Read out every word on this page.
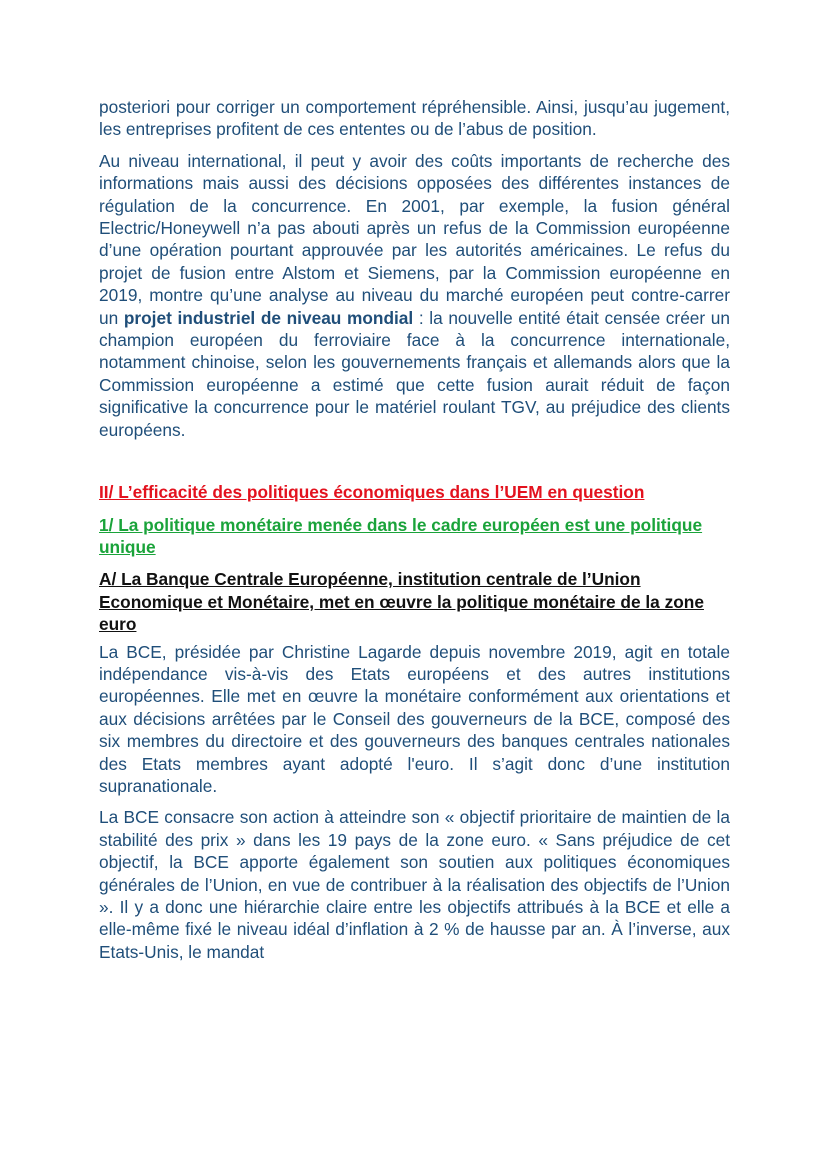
posteriori pour corriger un comportement répréhensible. Ainsi, jusqu’au jugement, les entreprises profitent de ces ententes ou de l’abus de position.

Au niveau international, il peut y avoir des coûts importants de recherche des informations mais aussi des décisions opposées des différentes instances de régulation de la concurrence. En 2001, par exemple, la fusion général Electric/Honeywell n’a pas abouti après un refus de la Commission européenne d’une opération pourtant approuvée par les autorités américaines. Le refus du projet de fusion entre Alstom et Siemens, par la Commission européenne en 2019, montre qu’une analyse au niveau du marché européen peut contre-carrer un projet industriel de niveau mondial : la nouvelle entité était censée créer un champion européen du ferroviaire face à la concurrence internationale, notamment chinoise, selon les gouvernements français et allemands alors que la Commission européenne a estimé que cette fusion aurait réduit de façon significative la concurrence pour le matériel roulant TGV, au préjudice des clients européens.

II/ L’efficacité des politiques économiques dans l’UEM en question
1/ La politique monétaire menée dans le cadre européen est une politique unique
A/ La Banque Centrale Européenne, institution centrale de l’Union Economique et Monétaire, met en œuvre la politique monétaire de la zone euro

La BCE, présidée par Christine Lagarde depuis novembre 2019, agit en totale indépendance vis-à-vis des Etats européens et des autres institutions européennes. Elle met en œuvre la monétaire conformément aux orientations et aux décisions arrêtées par le Conseil des gouverneurs de la BCE, composé des six membres du directoire et des gouverneurs des banques centrales nationales des Etats membres ayant adopté l'euro. Il s’agit donc d’une institution supranationale.

La BCE consacre son action à atteindre son « objectif prioritaire de maintien de la stabilité des prix » dans les 19 pays de la zone euro. « Sans préjudice de cet objectif, la BCE apporte également son soutien aux politiques économiques générales de l’Union, en vue de contribuer à la réalisation des objectifs de l’Union ». Il y a donc une hiérarchie claire entre les objectifs attribués à la BCE et elle a elle-même fixé le niveau idéal d’inflation à 2 % de hausse par an. À l’inverse, aux Etats-Unis, le mandat
